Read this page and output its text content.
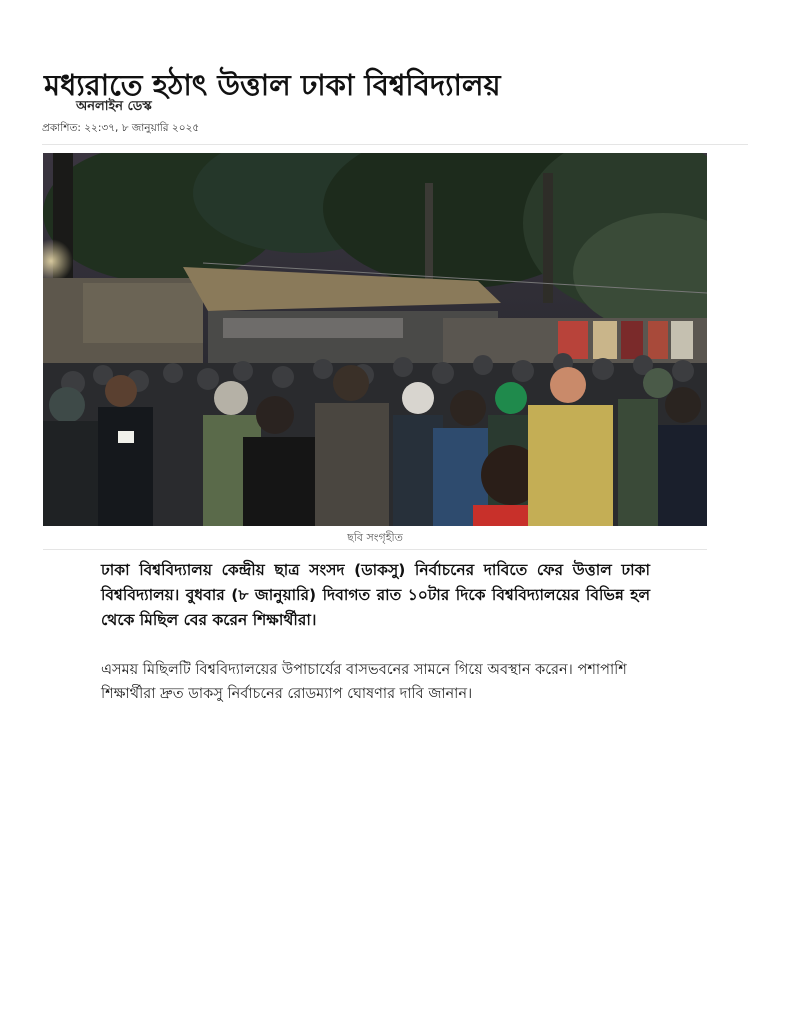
মধ্যরাতে হঠাৎ উত্তাল ঢাকা বিশ্ববিদ্যালয়
অনলাইন ডেস্ক
প্রকাশিত: ২২:৩৭, ৮ জানুয়ারি ২০২৫
ছবি সংগৃহীত

ঢাকা বিশ্ববিদ্যালয় কেন্দ্রীয় ছাত্র সংসদ (ডাকসু) নির্বাচনের দাবিতে ফের উত্তাল ঢাকা বিশ্ববিদ্যালয়। বুধবার (৮ জানুয়ারি) দিবাগত রাত ১০টার দিকে বিশ্ববিদ্যালয়ের বিভিন্ন হল থেকে মিছিল বের করেন শিক্ষার্থীরা।

এসময় মিছিলটি বিশ্ববিদ্যালয়ের উপাচার্যের বাসভবনের সামনে গিয়ে অবস্থান করেন। পশাপাশি শিক্ষার্থীরা দ্রুত ডাকসু নির্বাচনের রোডম্যাপ ঘোষণার দাবি জানান।
